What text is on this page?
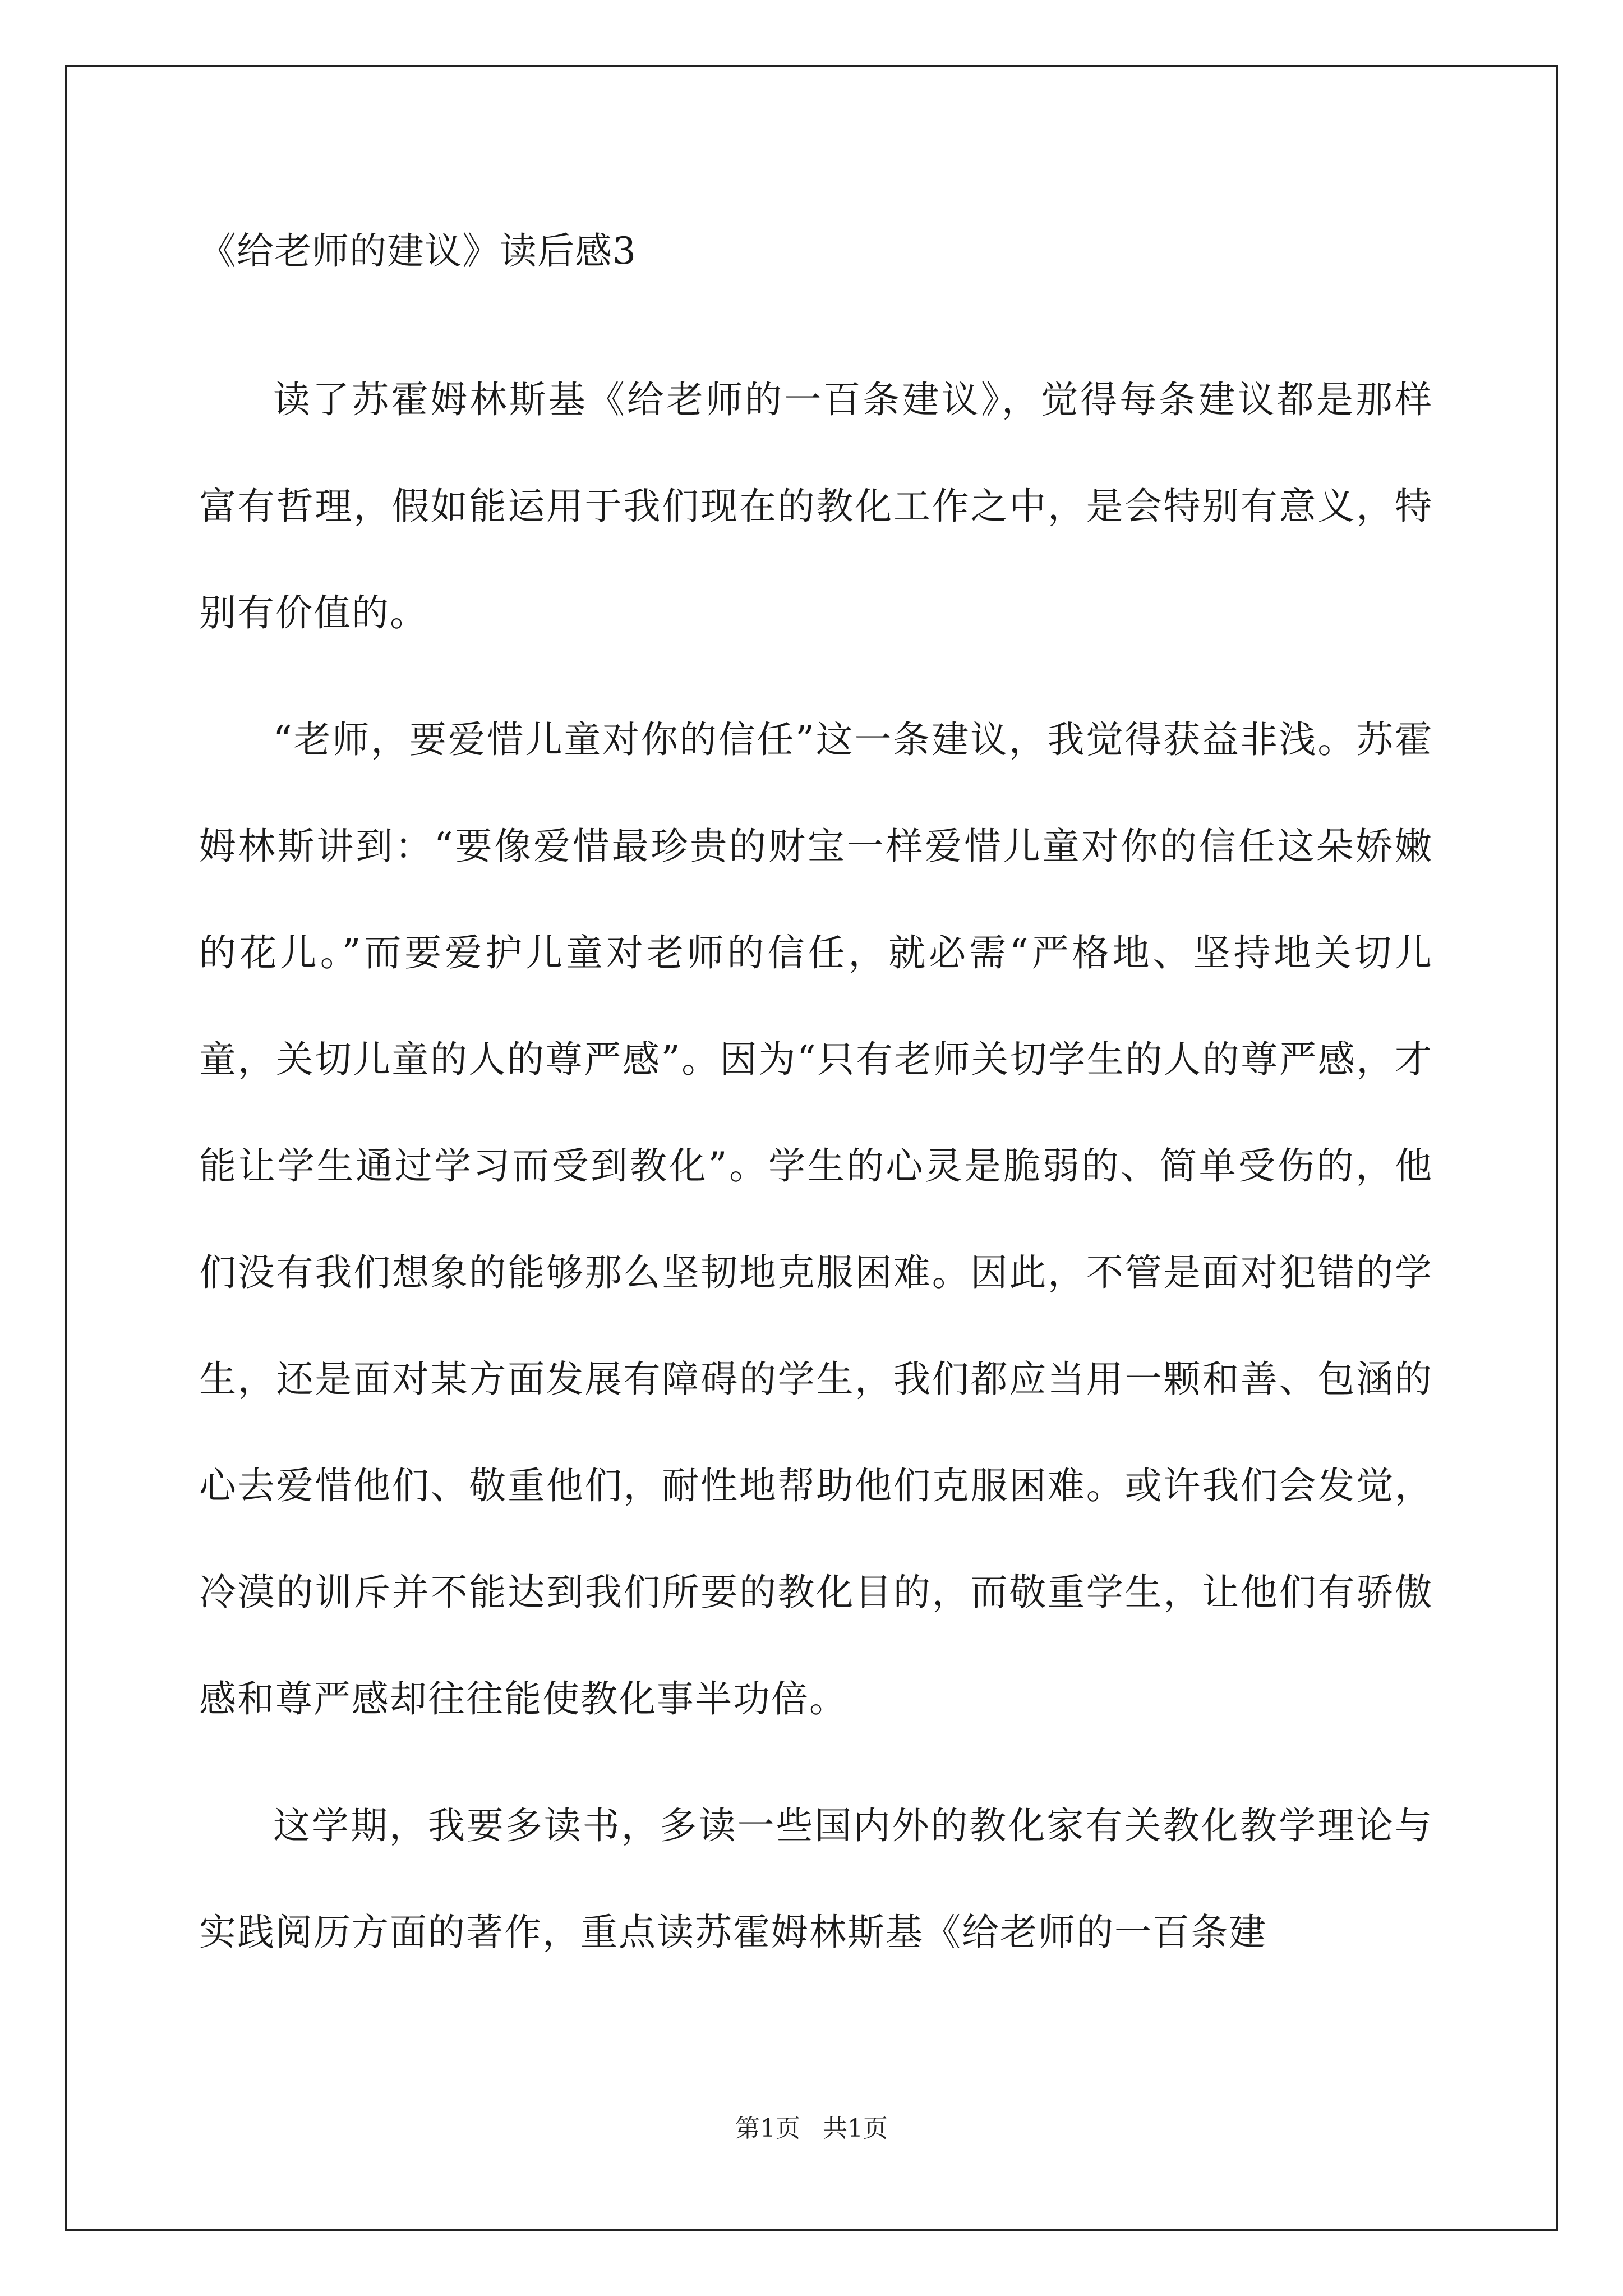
《给老师的建议》读后感3

读了苏霍姆林斯基《给老师的一百条建议》，觉得每条建议都是那样富有哲理，假如能运用于我们现在的教化工作之中，是会特别有意义，特别有价值的。

“老师，要爱惜儿童对你的信任”这一条建议，我觉得获益非浅。苏霍姆林斯讲到：“要像爱惜最珍贵的财宝一样爱惜儿童对你的信任这朵娇嫩的花儿。”而要爱护儿童对老师的信任，就必需“严格地、坚持地关切儿童，关切儿童的人的尊严感”。因为“只有老师关切学生的人的尊严感，才能让学生通过学习而受到教化”。学生的心灵是脆弱的、简单受伤的，他们没有我们想象的能够那么坚韧地克服困难。因此，不管是面对犯错的学生，还是面对某方面发展有障碍的学生，我们都应当用一颗和善、包涵的心去爱惜他们、敬重他们，耐性地帮助他们克服困难。或许我们会发觉，冷漠的训斥并不能达到我们所要的教化目的，而敬重学生，让他们有骄傲感和尊严感却往往能使教化事半功倍。

这学期，我要多读书，多读一些国内外的教化家有关教化教学理论与实践阅历方面的著作，重点读苏霍姆林斯基《给老师的一百条建

第1页 共1页
